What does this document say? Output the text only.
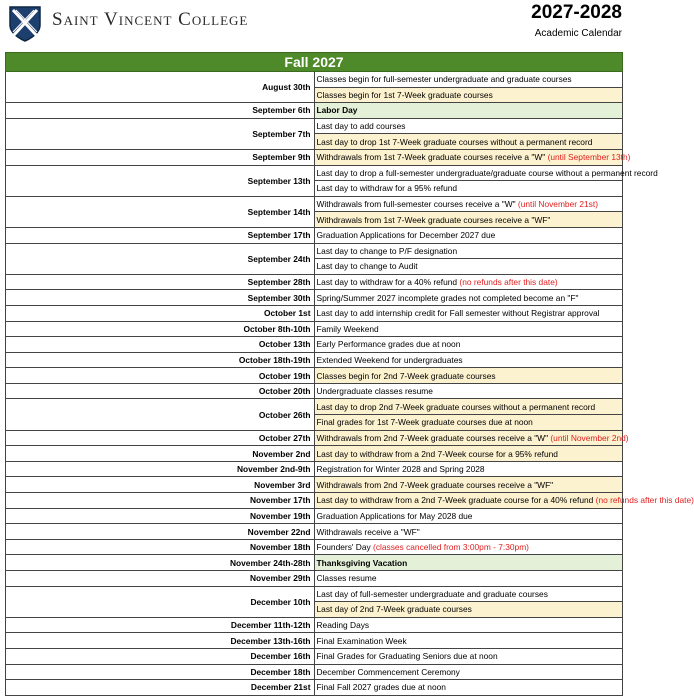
Saint Vincent College	2027-2028
Academic Calendar
Fall 2027	
August 30th	Classes begin for full-semester undergraduate and graduate courses
	Classes begin for 1st 7-Week graduate courses
September 6th	Labor Day
September 7th	Last day to add courses
	Last day to drop 1st 7-Week graduate courses without a permanent record
September 9th	Withdrawals from 1st 7-Week graduate courses receive a "W" (until September 13th)
September 13th	Last day to drop a full-semester undergraduate/graduate course without a permanent record
	Last day to withdraw for a 95% refund
September 14th	Withdrawals from full-semester courses receive a "W" (until November 21st)
	Withdrawals from 1st 7-Week graduate courses receive a "WF"
September 17th	Graduation Applications for December 2027 due
September 24th	Last day to change to P/F designation
	Last day to change to Audit
September 28th	Last day to withdraw for a 40% refund (no refunds after this date)
September 30th	Spring/Summer 2027 incomplete grades not completed become an "F"
October 1st	Last day to add internship credit for Fall semester without Registrar approval
October 8th-10th	Family Weekend
October 13th	Early Performance grades due at noon
October 18th-19th	Extended Weekend for undergraduates
October 19th	Classes begin for 2nd 7-Week graduate courses
October 20th	Undergraduate classes resume
October 26th	Last day to drop 2nd 7-Week graduate courses without a permanent record
	Final grades for 1st 7-Week graduate courses due at noon
October 27th	Withdrawals from 2nd 7-Week graduate courses receive a "W" (until November 2nd)
November 2nd	Last day to withdraw from a 2nd 7-Week course for a 95% refund
November 2nd-9th	Registration for Winter 2028 and Spring 2028
November 3rd	Withdrawals from 2nd 7-Week graduate courses receive a "WF"
November 17th	Last day to withdraw from a 2nd 7-Week graduate course for a 40% refund (no refunds after this date)
November 19th	Graduation Applications for May 2028 due
November 22nd	Withdrawals receive a "WF"
November 18th	Founders' Day (classes cancelled from 3:00pm - 7:30pm)
November 24th-28th	Thanksgiving Vacation
November 29th	Classes resume
December 10th	Last day of full-semester undergraduate and graduate courses
	Last day of 2nd 7-Week graduate courses
December 11th-12th	Reading Days
December 13th-16th	Final Examination Week
December 16th	Final Grades for Graduating Seniors due at noon
December 18th	December Commencement Ceremony
December 21st	Final Fall 2027 grades due at noon
